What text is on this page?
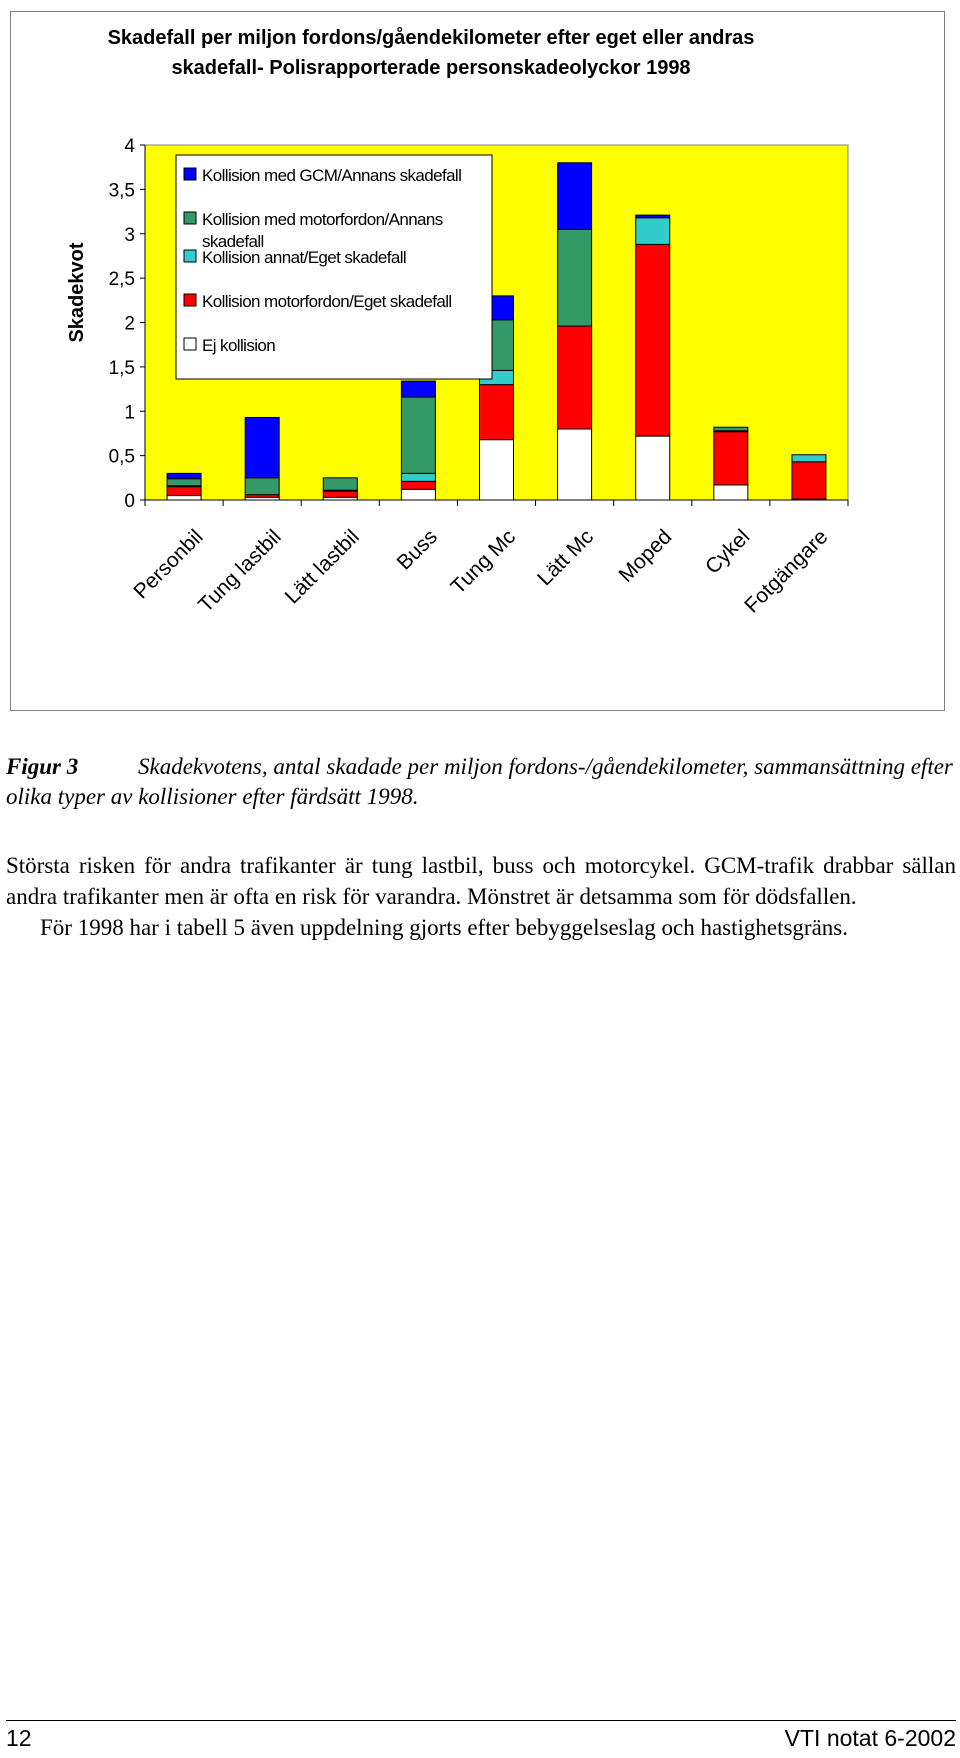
Skadefall per miljon fordons/gåendekilometer efter eget eller andras
skadefall- Polisrapporterade personskadeolyckor 1998
0
0,5
1
1,5
2
2,5
3
3,5
4
Skadekvot
Personbil
Tung lastbil
Lätt lastbil Buss Tung Mc Lätt Mc Moped Cykel
Fotgängare
Kollision med GCM/Annans skadefall
Kollision med motorfordon/Annans
skadefall
Kollision annat/Eget skadefall
Kollision motorfordon/Eget skadefall
Ej kollision
Figur 3	Skadekvotens, antal skadade per miljon fordons-/gåendekilometer, sammansättning efter olika typer av kollisioner efter färdsätt 1998.

Största risken för andra trafikanter är tung lastbil, buss och motorcykel. GCM-trafik drabbar sällan andra trafikanter men är ofta en risk för varandra. Mönstret är detsamma som för dödsfallen.

För 1998 har i tabell 5 även uppdelning gjorts efter bebyggelseslag och hastighetsgräns.

12	VTI notat 6-2002
